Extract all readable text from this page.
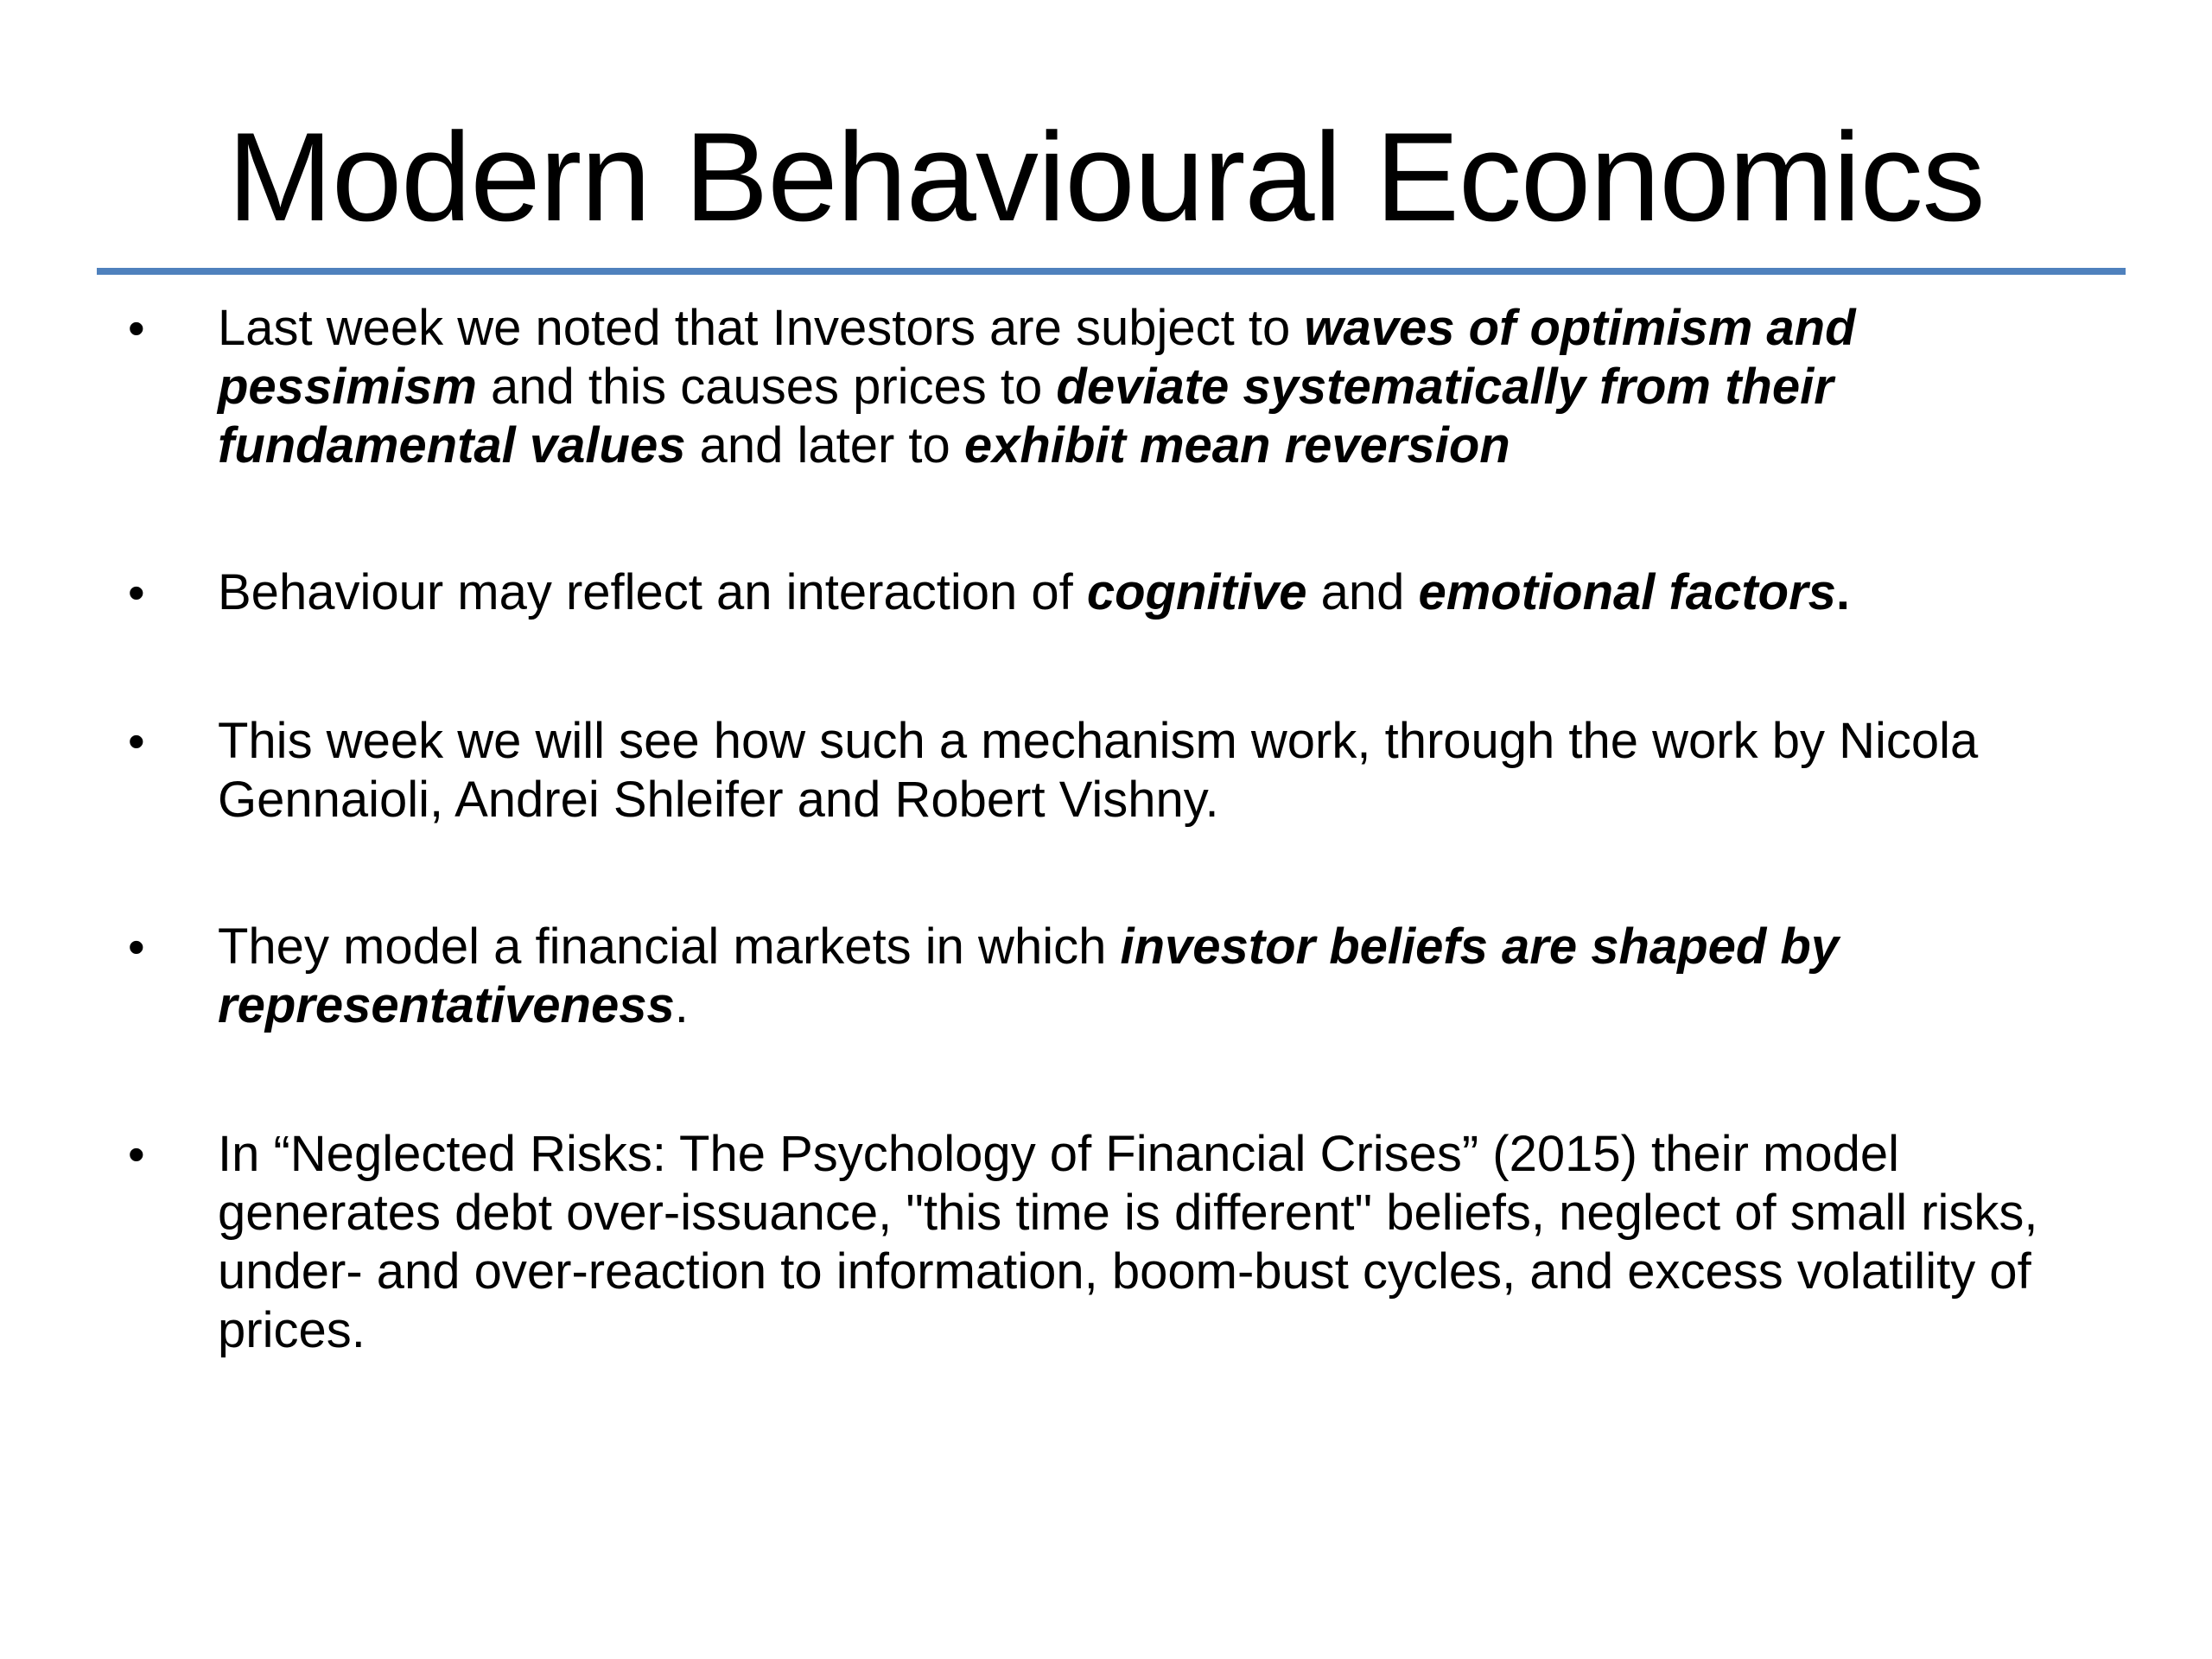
Modern Behavioural Economics
• Last week we noted that Investors are subject to waves of optimism and pessimism and this causes prices to deviate systematically from their fundamental values and later to exhibit mean reversion
• Behaviour may reflect an interaction of cognitive and emotional factors.
• This week we will see how such a mechanism work, through the work by Nicola Gennaioli, Andrei Shleifer and Robert Vishny.
• They model a financial markets in which investor beliefs are shaped by representativeness.
• In “Neglected Risks: The Psychology of Financial Crises” (2015) their model generates debt over-issuance, "this time is different" beliefs, neglect of small risks, under- and over-reaction to information, boom-bust cycles, and excess volatility of prices.
